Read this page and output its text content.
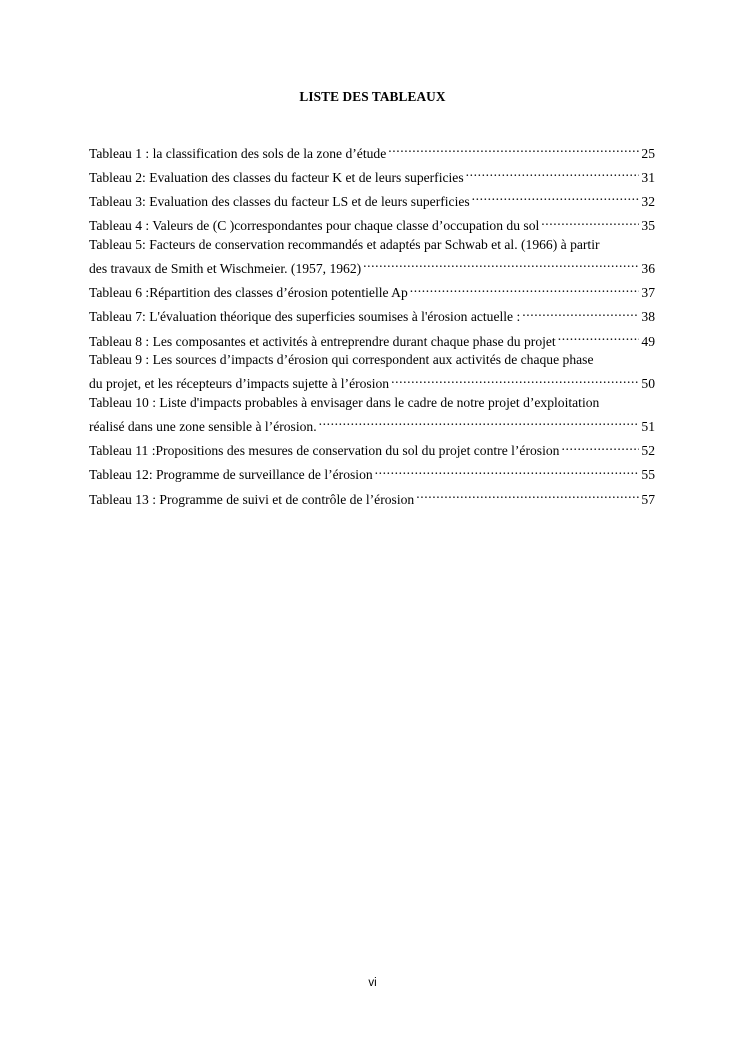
LISTE DES TABLEAUX
Tableau 1 : la classification des sols de la zone d’étude .....	25
Tableau 2: Evaluation des classes du facteur K et de leurs superficies .....	31
Tableau 3: Evaluation des classes du facteur LS et de leurs superficies .....	32
Tableau 4 : Valeurs de (C )correspondantes pour chaque classe d’occupation du sol .....	35
Tableau 5: Facteurs de conservation recommandés et adaptés par Schwab et al. (1966) à partir
des travaux de Smith et Wischmeier. (1957, 1962) .....	36
Tableau 6 :Répartition des classes d’érosion potentielle Ap .....	37
Tableau 7: L'évaluation théorique des superficies soumises à l'érosion actuelle : .....	38
Tableau 8 : Les composantes et activités à entreprendre durant chaque phase du projet .....	49
Tableau 9 : Les sources d’impacts d’érosion qui correspondent aux activités de chaque phase
du projet, et les récepteurs d’impacts sujette à l’érosion .....	50
Tableau 10 : Liste d'impacts probables à envisager dans le cadre de notre projet d’exploitation
réalisé dans une zone sensible à l’érosion. .....	51
Tableau 11 :Propositions des mesures de conservation du sol du projet contre l’érosion .....	52
Tableau 12: Programme de surveillance de l’érosion .....	55
Tableau 13 : Programme de suivi et de contrôle de l’érosion .....	57
vi
